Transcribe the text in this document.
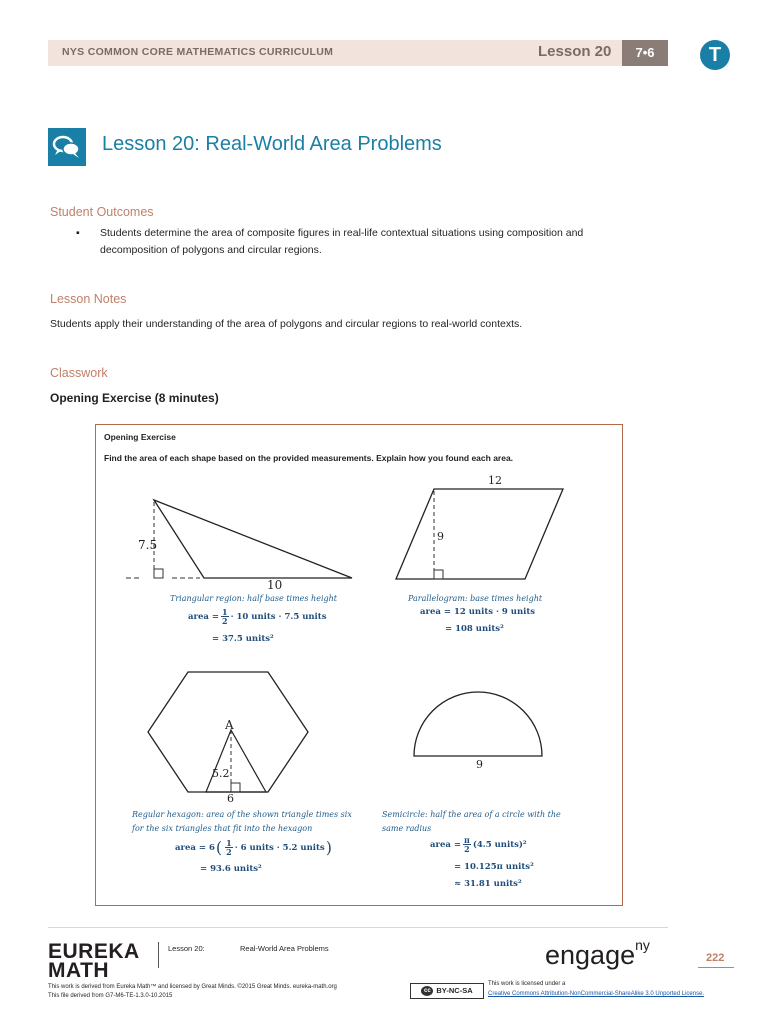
NYS COMMON CORE MATHEMATICS CURRICULUM	Lesson 20	7•6	T
Lesson 20: Real-World Area Problems
Student Outcomes
▪ Students determine the area of composite figures in real-life contextual situations using composition and
decomposition of polygons and circular regions.
Lesson Notes
Students apply their understanding of the area of polygons and circular regions to real-world contexts.
Classwork
Opening Exercise (8 minutes)
Opening Exercise
Find the area of each shape based on the provided measurements. Explain how you found each area.
7.5
10
12
9
A
5.2
6
9
Triangular region: half base times height
area = $\frac{1}{2} \cdot 10$ units · 7.5 units
= 37.5 units²
Parallelogram: base times height
area = 12 units · 9 units
= 108 units²
Regular hexagon: area of the shown triangle times six
for the six triangles that fit into the hexagon
area = 6 ( 1
2 · 6 units · 5.2 units )
= 93.6 units²
Semicircle: half the area of a circle with the
same radius
area = $\frac{\pi}{2} (4.5$ units)²
= 10.125π units²
≈ 31.81 units²
EUREKA
MATH
Lesson 20:	Real-World Area Problems	engage$^{ny}$
222
This work is derived from Eureka Math™ and licensed by Great Minds. ©2015 Great Minds. eureka-math.org
This file derived from G7-M6-TE-1.3.0-10.2015
cc BY-NC-SA
This work is licensed under a
Creative Commons Attribution-NonCommercial-ShareAlike 3.0 Unported License.
